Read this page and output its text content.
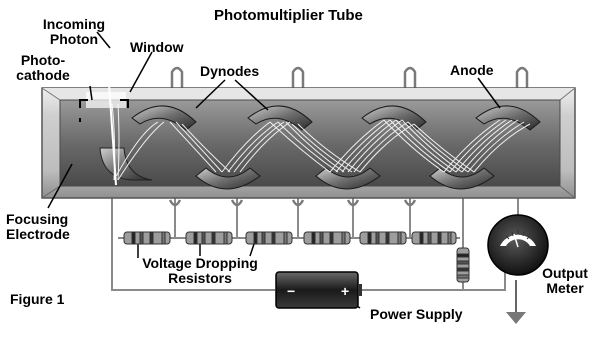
−	+
Photomultiplier Tube
Incoming
Photon	Window
Photo-
cathode	Dynodes	Anode
Focusing
Electrode
Voltage Dropping
Resistors
Figure 1
Power Supply
Output
Meter
